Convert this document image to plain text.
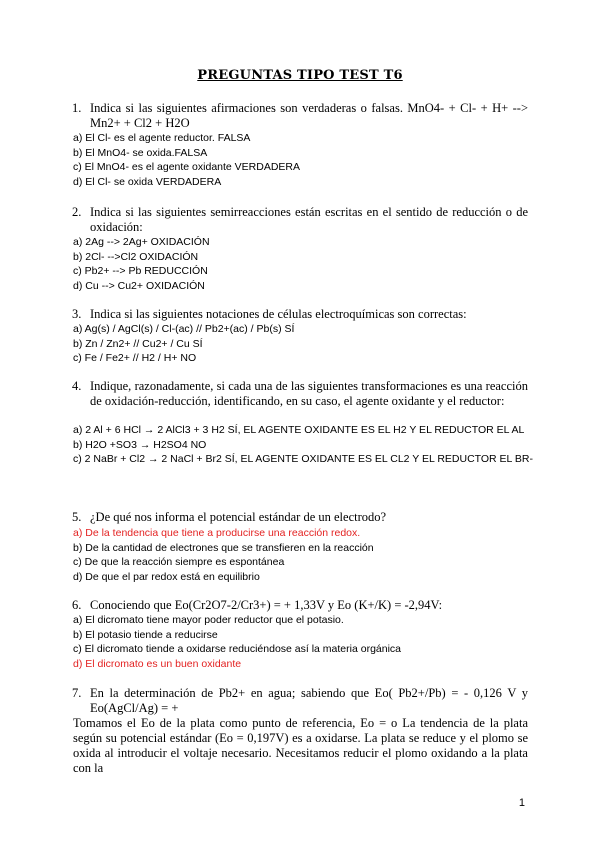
PREGUNTAS TIPO TEST T6
1. Indica si las siguientes afirmaciones son verdaderas o falsas. MnO4- + Cl- + H+ --> Mn2+ + Cl2 + H2O
a) El Cl- es el agente reductor. FALSA
b) El MnO4- se oxida.FALSA
c) El MnO4- es el agente oxidante VERDADERA
d) El Cl- se oxida VERDADERA
2. Indica si las siguientes semirreacciones están escritas en el sentido de reducción o de oxidación:
a) 2Ag --> 2Ag+ OXIDACIÓN
b) 2Cl- -->Cl2 OXIDACIÓN
c) Pb2+ --> Pb REDUCCIÓN
d) Cu --> Cu2+ OXIDACIÓN
3. Indica si las siguientes notaciones de células electroquímicas son correctas:
a) Ag(s) / AgCl(s) / Cl-(ac) // Pb2+(ac) / Pb(s) SÍ
b) Zn / Zn2+ // Cu2+ / Cu SÍ
c) Fe / Fe2+ // H2 / H+ NO
4. Indique, razonadamente, si cada una de las siguientes transformaciones es una reacción de oxidación-reducción, identificando, en su caso, el agente oxidante y el reductor:
a) 2 Al + 6 HCl → 2 AlCl3 + 3 H2 SÍ, EL AGENTE OXIDANTE ES EL H2 Y EL REDUCTOR EL AL
b) H2O +SO3 → H2SO4 NO
c) 2 NaBr + Cl2 → 2 NaCl + Br2 SÍ, EL AGENTE OXIDANTE ES EL CL2 Y EL REDUCTOR EL BR-
5. ¿De qué nos informa el potencial estándar de un electrodo?
a) De la tendencia que tiene a producirse una reacción redox.
b) De la cantidad de electrones que se transfieren en la reacción
c) De que la reacción siempre es espontánea
d) De que el par redox está en equilibrio
6. Conociendo que Eo(Cr2O7-2/Cr3+) = + 1,33V y Eo (K+/K) = -2,94V:
a) El dicromato tiene mayor poder reductor que el potasio.
b) El potasio tiende a reducirse
c) El dicromato tiende a oxidarse reduciéndose así la materia orgánica
d) El dicromato es un buen oxidante
7. En la determinación de Pb2+ en agua; sabiendo que Eo( Pb2+/Pb) = - 0,126 V y Eo(AgCl/Ag) = +
Tomamos el Eo de la plata como punto de referencia, Eo = o La tendencia de la plata según su potencial estándar (Eo = 0,197V) es a oxidarse. La plata se reduce y el plomo se oxida al introducir el voltaje necesario. Necesitamos reducir el plomo oxidando a la plata con la
1
